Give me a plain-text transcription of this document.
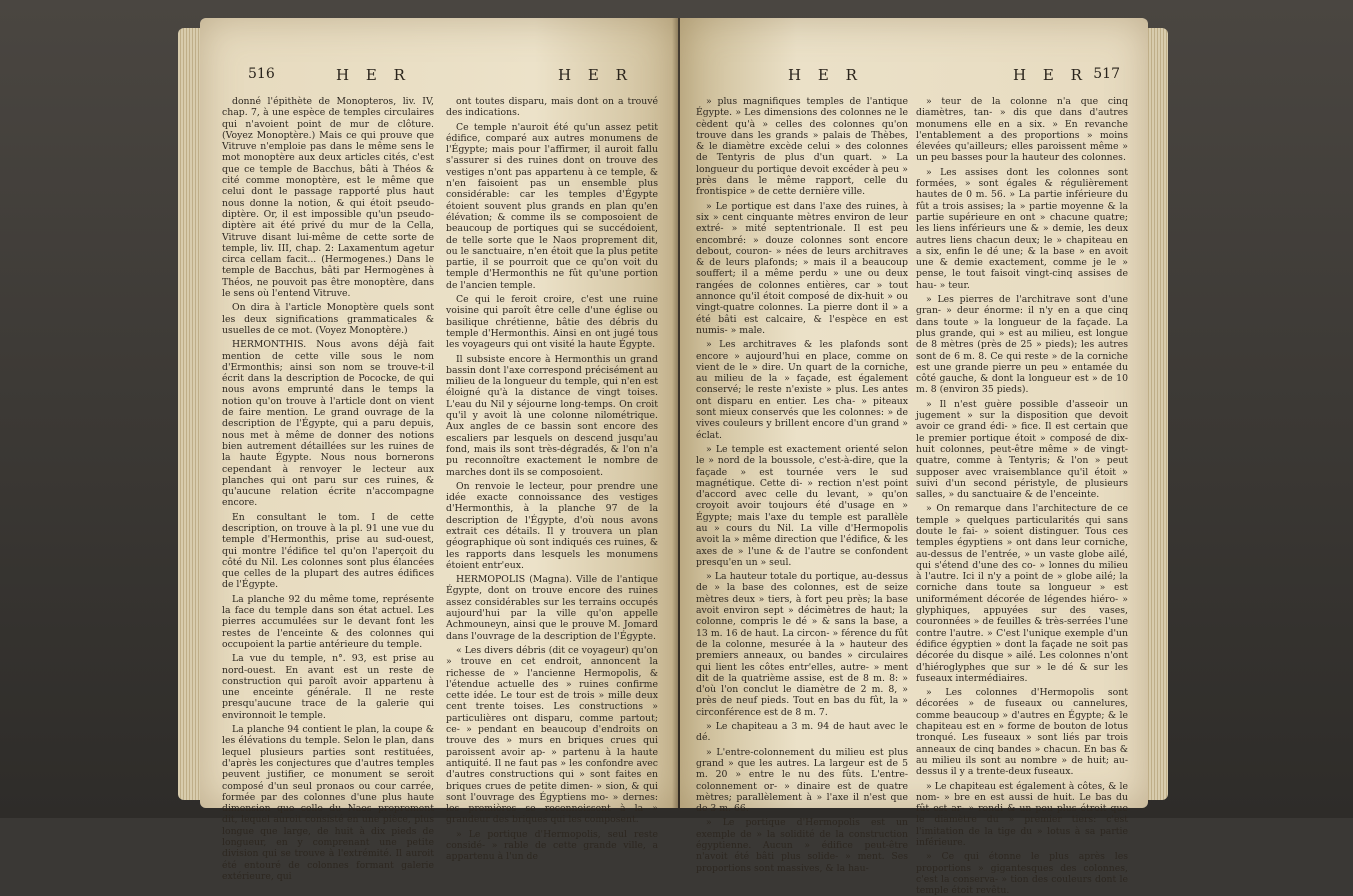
516	H E R	H E R

donné l'épithète de Monopteros, liv. IV, chap. 7, à une espèce de temples circulaires qui n'avoient point de mur de clôture. (Voyez Monoptère.) Mais ce qui prouve que Vitruve n'emploie pas dans le même sens le mot monoptère aux deux articles cités, c'est que ce temple de Bacchus, bâti à Théos & cité comme monoptère, est le même que celui dont le passage rapporté plus haut nous donne la notion, & qui étoit pseudo-diptère. Or, il est impossible qu'un pseudo-diptère ait été privé du mur de la Cella, Vitruve disant lui-même de cette sorte de temple, liv. III, chap. 2: Laxamentum agetur circa cellam facit... (Hermogenes.) Dans le temple de Bacchus, bâti par Hermogènes à Théos, ne pouvoit pas être monoptère, dans le sens où l'entend Vitruve.

On dira à l'article Monoptère quels sont les deux significations grammaticales & usuelles de ce mot. (Voyez Monoptère.)

HERMONTHIS. Nous avons déjà fait mention de cette ville sous le nom d'Ermonthis; ainsi son nom se trouve-t-il écrit dans la description de Pococke, de qui nous avons emprunté dans le temps la notion qu'on trouve à l'article dont on vient de faire mention. Le grand ouvrage de la description de l'Égypte, qui a paru depuis, nous met à même de donner des notions bien autrement détaillées sur les ruines de la haute Égypte. Nous nous bornerons cependant à renvoyer le lecteur aux planches qui ont paru sur ces ruines, & qu'aucune relation écrite n'accompagne encore.

En consultant le tom. I de cette description, on trouve à la pl. 91 une vue du temple d'Hermonthis, prise au sud-ouest, qui montre l'édifice tel qu'on l'aperçoit du côté du Nil. Les colonnes sont plus élancées que celles de la plupart des autres édifices de l'Égypte.

La planche 92 du même tome, représente la face du temple dans son état actuel. Les pierres accumulées sur le devant font les restes de l'enceinte & des colonnes qui occupoient la partie antérieure du temple.

La vue du temple, n°. 93, est prise au nord-ouest. En avant est un reste de construction qui paroît avoir appartenu à une enceinte générale. Il ne reste presqu'aucune trace de la galerie qui environnoit le temple.

La planche 94 contient le plan, la coupe & les élévations du temple. Selon le plan, dans lequel plusieurs parties sont restituées, d'après les conjectures que d'autres temples peuvent justifier, ce monument se seroit composé d'un seul pronaos ou cour carrée, formée par des colonnes d'une plus haute dimension que celle du Naos proprement dit, lequel auroit consisté en une pièce, plus longue que large, de huit à dix pieds de longueur, en y comprenant une petite division qui se trouve à l'extrémité. Il auroit été entouré de colonnes formant galerie extérieure, qui

ont toutes disparu, mais dont on a trouvé des indications.

Ce temple n'auroit été qu'un assez petit édifice, comparé aux autres monumens de l'Égypte; mais pour l'affirmer, il auroit fallu s'assurer si des ruines dont on trouve des vestiges n'ont pas appartenu à ce temple, & n'en faisoient pas un ensemble plus considérable: car les temples d'Égypte étoient souvent plus grands en plan qu'en élévation; & comme ils se composoient de beaucoup de portiques qui se succédoient, de telle sorte que le Naos proprement dit, ou le sanctuaire, n'en étoit que la plus petite partie, il se pourroit que ce qu'on voit du temple d'Hermonthis ne fût qu'une portion de l'ancien temple.

Ce qui le feroit croire, c'est une ruine voisine qui paroît être celle d'une église ou basilique chrétienne, bâtie des débris du temple d'Hermonthis. Ainsi en ont jugé tous les voyageurs qui ont visité la haute Égypte.

Il subsiste encore à Hermonthis un grand bassin dont l'axe correspond précisément au milieu de la longueur du temple, qui n'en est éloigné qu'à la distance de vingt toises. L'eau du Nil y séjourne long-temps. On croit qu'il y avoit là une colonne nilométrique. Aux angles de ce bassin sont encore des escaliers par lesquels on descend jusqu'au fond, mais ils sont très-dégradés, & l'on n'a pu reconnoître exactement le nombre de marches dont ils se composoient.

On renvoie le lecteur, pour prendre une idée exacte connoissance des vestiges d'Hermonthis, à la planche 97 de la description de l'Égypte, d'où nous avons extrait ces détails. Il y trouvera un plan géographique où sont indiqués ces ruines, & les rapports dans lesquels les monumens étoient entr'eux.

HERMOPOLIS (Magna). Ville de l'antique Égypte, dont on trouve encore des ruines assez considérables sur les terrains occupés aujourd'hui par la ville qu'on appelle Achmouneyn, ainsi que le prouve M. Jomard dans l'ouvrage de la description de l'Égypte.

« Les divers débris (dit ce voyageur) qu'on » trouve en cet endroit, annoncent la richesse de » l'ancienne Hermopolis, & l'étendue actuelle des » ruines confirme cette idée. Le tour est de trois » mille deux cent trente toises. Les constructions » particulières ont disparu, comme partout; ce- » pendant en beaucoup d'endroits on trouve des » murs en briques crues qui paroissent avoir ap- » partenu à la haute antiquité. Il ne faut pas » les confondre avec d'autres constructions qui » sont faites en briques crues de petite dimen- » sion, & qui sont l'ouvrage des Égyptiens mo- » dernes: les premières se reconnoissent à la » grandeur des briques qui les composent.

» Le portique d'Hermopolis, seul reste considé- » rable de cette grande ville, a appartenu à l'un de

H E R	H E R 517

» plus magnifiques temples de l'antique Égypte. » Les dimensions des colonnes ne le cèdent qu'à » celles des colonnes qu'on trouve dans les grands » palais de Thèbes, & le diamètre excède celui » des colonnes de Tentyris de plus d'un quart. » La longueur du portique devoit excéder à peu » près dans le même rapport, celle du frontispice » de cette dernière ville.

» Le portique est dans l'axe des ruines, à six » cent cinquante mètres environ de leur extré- » mité septentrionale. Il est peu encombré: » douze colonnes sont encore debout, couron- » nées de leurs architraves & de leurs plafonds; » mais il a beaucoup souffert; il a même perdu » une ou deux rangées de colonnes entières, car » tout annonce qu'il étoit composé de dix-huit » ou vingt-quatre colonnes. La pierre dont il » a été bâti est calcaire, & l'espèce en est numis- » male.

» Les architraves & les plafonds sont encore » aujourd'hui en place, comme on vient de le » dire. Un quart de la corniche, au milieu de la » façade, est également conservé; le reste n'existe » plus. Les antes ont disparu en entier. Les cha- » piteaux sont mieux conservés que les colonnes: » de vives couleurs y brillent encore d'un grand » éclat.

» Le temple est exactement orienté selon le » nord de la boussole, c'est-à-dire, que la façade » est tournée vers le sud magnétique. Cette di- » rection n'est point d'accord avec celle du levant, » qu'on croyoit avoir toujours été d'usage en » Égypte; mais l'axe du temple est parallèle au » cours du Nil. La ville d'Hermopolis avoit la » même direction que l'édifice, & les axes de » l'une & de l'autre se confondent presqu'en un » seul.

» La hauteur totale du portique, au-dessus de » la base des colonnes, est de seize mètres deux » tiers, à fort peu près; la base avoit environ sept » décimètres de haut; la colonne, compris le dé » & sans la base, a 13 m. 16 de haut. La circon- » férence du fût de la colonne, mesurée à la » hauteur des premiers anneaux, ou bandes » circulaires qui lient les côtes entr'elles, autre- » ment dit de la quatrième assise, est de 8 m. 8: » d'où l'on conclut le diamètre de 2 m. 8, » près de neuf pieds. Tout en bas du fût, la » circonférence est de 8 m. 7.

» Le chapiteau a 3 m. 94 de haut avec le dé.

» L'entre-colonnement du milieu est plus grand » que les autres. La largeur est de 5 m. 20 » entre le nu des fûts. L'entre-colonnement or- » dinaire est de quatre mètres; parallèlement à » l'axe il n'est que de 3 m. 66.

» Le portique d'Hermopolis est un exemple de » la solidité de la construction égyptienne. Aucun » édifice peut-être n'avoit été bâti plus solide- » ment. Ses proportions sont massives, & la hau-

» teur de la colonne n'a que cinq diamètres, tan- » dis que dans d'autres monumens elle en a six. » En revanche l'entablement a des proportions » moins élevées qu'ailleurs; elles paroissent même » un peu basses pour la hauteur des colonnes.

» Les assises dont les colonnes sont formées, » sont égales & régulièrement hautes de 0 m. 56. » La partie inférieure du fût a trois assises; la » partie moyenne & la partie supérieure en ont » chacune quatre; les liens inférieurs une & » demie, les deux autres liens chacun deux; le » chapiteau en a six, enfin le dé une; & la base » en avoit une & demie exactement, comme je le » pense, le tout faisoit vingt-cinq assises de hau- » teur.

» Les pierres de l'architrave sont d'une gran- » deur énorme: il n'y en a que cinq dans toute » la longueur de la façade. La plus grande, qui » est au milieu, est longue de 8 mètres (près de 25 » pieds); les autres sont de 6 m. 8. Ce qui reste » de la corniche est une grande pierre un peu » entamée du côté gauche, & dont la longueur est » de 10 m. 8 (environ 35 pieds).

» Il n'est guère possible d'asseoir un jugement » sur la disposition que devoit avoir ce grand édi- » fice. Il est certain que le premier portique étoit » composé de dix-huit colonnes, peut-être même » de vingt-quatre, comme à Tentyris; & l'on » peut supposer avec vraisemblance qu'il étoit » suivi d'un second péristyle, de plusieurs salles, » du sanctuaire & de l'enceinte.

» On remarque dans l'architecture de ce temple » quelques particularités qui sans doute le fai- » soient distinguer. Tous ces temples égyptiens » ont dans leur corniche, au-dessus de l'entrée, » un vaste globe ailé, qui s'étend d'une des co- » lonnes du milieu à l'autre. Ici il n'y a point de » globe ailé; la corniche dans toute sa longueur » est uniformément décorée de légendes hiéro- » glyphiques, appuyées sur des vases, couronnées » de feuilles & très-serrées l'une contre l'autre. » C'est l'unique exemple d'un édifice égyptien » dont la façade ne soit pas décorée du disque » ailé. Les colonnes n'ont d'hiéroglyphes que sur » le dé & sur les fuseaux intermédiaires.

» Les colonnes d'Hermopolis sont décorées » de fuseaux ou cannelures, comme beaucoup » d'autres en Égypte; & le chapiteau est en » forme de bouton de lotus tronqué. Les fuseaux » sont liés par trois anneaux de cinq bandes » chacun. En bas & au milieu ils sont au nombre » de huit; au-dessus il y a trente-deux fuseaux.

» Le chapiteau est également à côtes, & le nom- » bre en est aussi de huit. Le bas du fût est ar- » rondi & un peu plus étroit que le diamètre du » premier tiers: c'est l'imitation de la tige du » lotus à sa partie inférieure.

» Ce qui étonne le plus après les proportions » gigantesques des colonnes, c'est la conserva- » tion des couleurs dont le temple étoit revêtu.
